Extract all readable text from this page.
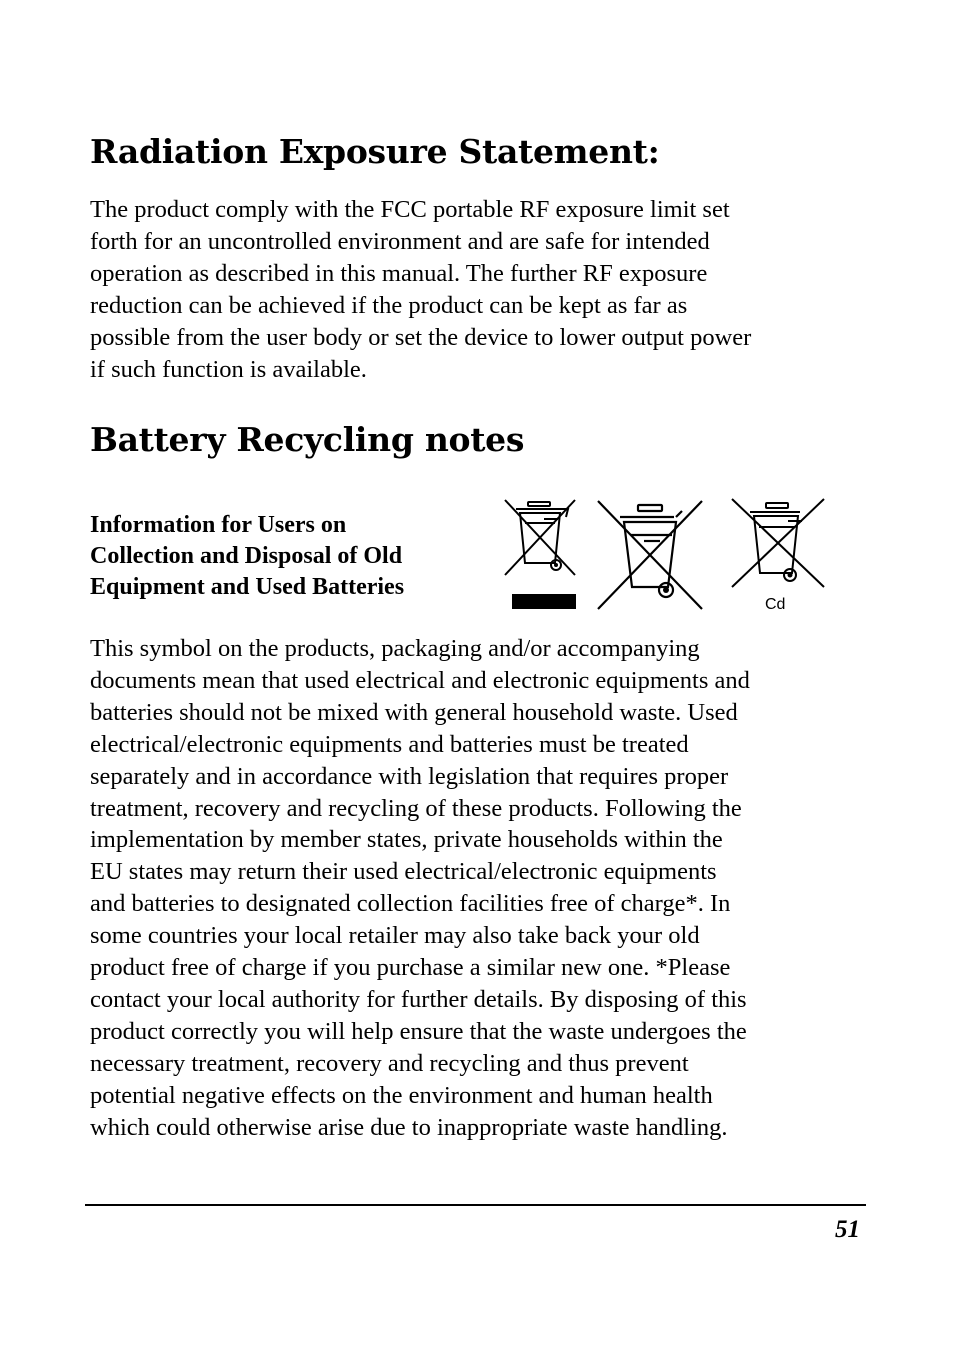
Radiation Exposure Statement:
The product comply with the FCC portable RF exposure limit set
forth for an uncontrolled environment and are safe for intended
operation as described in this manual. The further RF exposure
reduction can be achieved if the product can be kept as far as
possible from the user body or set the device to lower output power
if such function is available.
Battery Recycling notes
Information for Users on
Collection and Disposal of Old
Equipment and Used Batteries
Cd
This symbol on the products, packaging and/or accompanying
documents mean that used electrical and electronic equipments and
batteries should not be mixed with general household waste. Used
electrical/electronic equipments and batteries must be treated
separately and in accordance with legislation that requires proper
treatment, recovery and recycling of these products. Following the
implementation by member states, private households within the
EU states may return their used electrical/electronic equipments
and batteries to designated collection facilities free of charge*. In
some countries your local retailer may also take back your old
product free of charge if you purchase a similar new one. *Please
contact your local authority for further details. By disposing of this
product correctly you will help ensure that the waste undergoes the
necessary treatment, recovery and recycling and thus prevent
potential negative effects on the environment and human health
which could otherwise arise due to inappropriate waste handling.
51
